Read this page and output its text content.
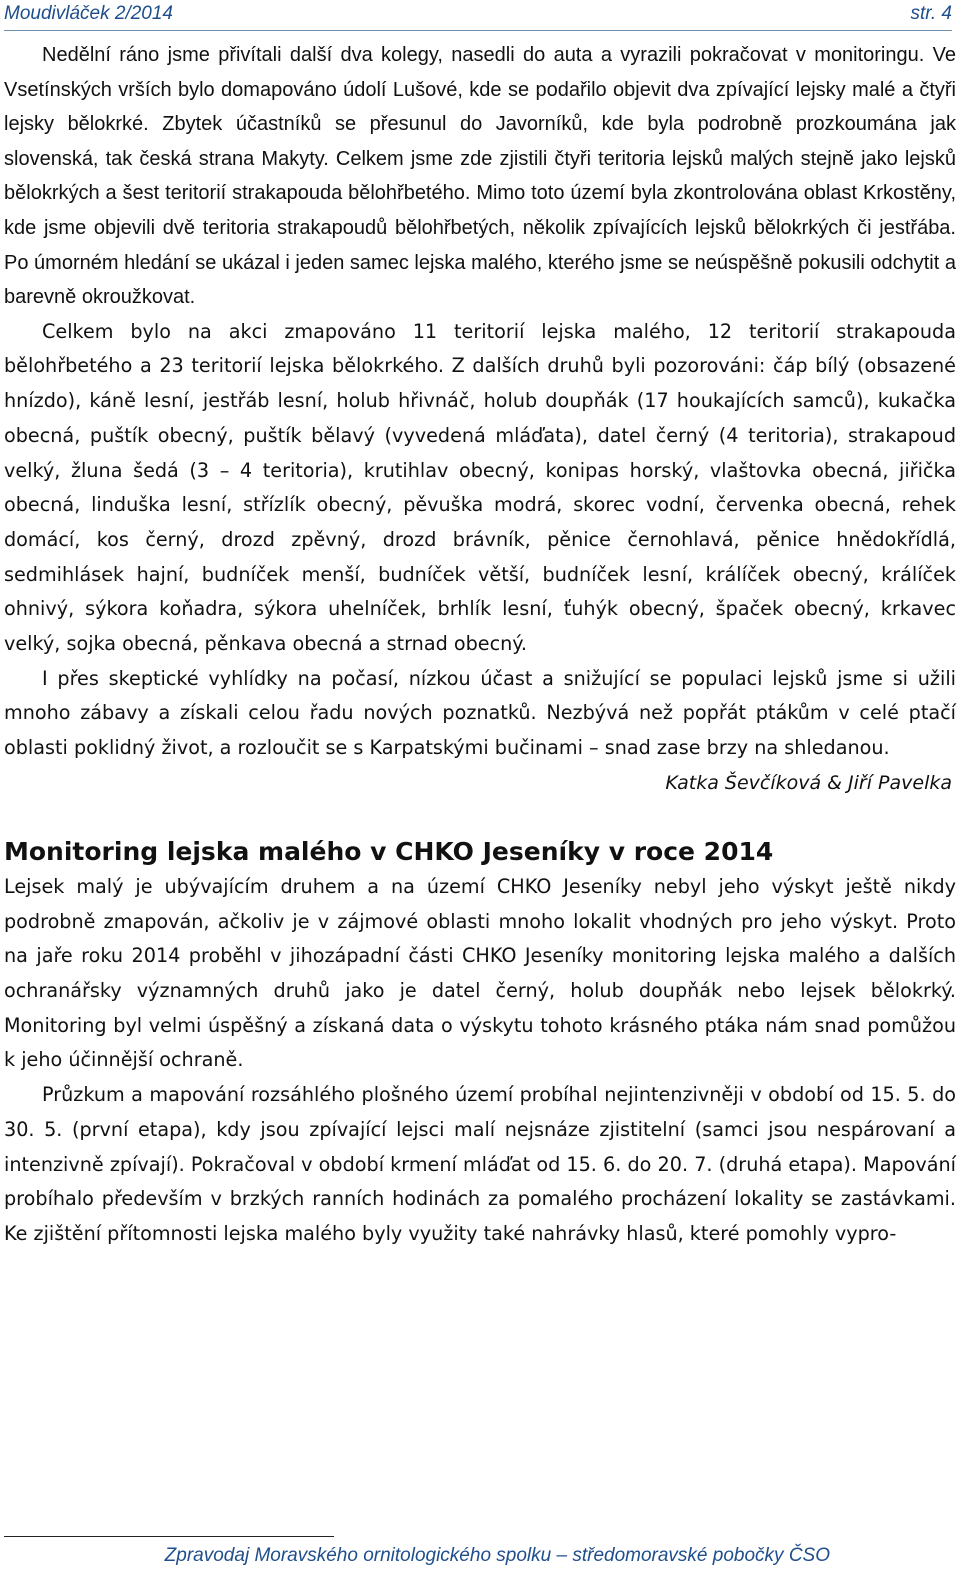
Moudivláček 2/2014	str. 4

Nedělní ráno jsme přivítali další dva kolegy, nasedli do auta a vyrazili pokračovat v monitoringu. Ve Vsetínských vrších bylo domapováno údolí Lušové, kde se podařilo objevit dva zpívající lejsky malé a čtyři lejsky bělokrké. Zbytek účastníků se přesunul do Javorníků, kde byla podrobně prozkoumána jak slovenská, tak česká strana Makyty. Celkem jsme zde zjistili čtyři teritoria lejsků malých stejně jako lejsků bělokrkých a šest teritorií strakapouda bělohřbetého. Mimo toto území byla zkontrolována oblast Krkostěny, kde jsme objevili dvě teritoria strakapoudů bělohřbetých, několik zpívajících lejsků bělokrkých či jestřába. Po úmorném hledání se ukázal i jeden samec lejska malého, kterého jsme se neúspěšně pokusili odchytit a barevně okroužkovat.

Celkem bylo na akci zmapováno 11 teritorií lejska malého, 12 teritorií strakapouda bělohřbetého a 23 teritorií lejska bělokrkého. Z dalších druhů byli pozorováni: čáp bílý (obsazené hnízdo), káně lesní, jestřáb lesní, holub hřivnáč, holub doupňák (17 houkajících samců), kukačka obecná, puštík obecný, puštík bělavý (vyvedená mláďata), datel černý (4 teritoria), strakapoud velký, žluna šedá (3 – 4 teritoria), krutihlav obecný, konipas horský, vlaštovka obecná, jiřička obecná, linduška lesní, střízlík obecný, pěvuška modrá, skorec vodní, červenka obecná, rehek domácí, kos černý, drozd zpěvný, drozd brávník, pěnice černohlavá, pěnice hnědokřídlá, sedmihlásek hajní, budníček menší, budníček větší, budníček lesní, králíček obecný, králíček ohnivý, sýkora koňadra, sýkora uhelníček, brhlík lesní, ťuhýk obecný, špaček obecný, krkavec velký, sojka obecná, pěnkava obecná a strnad obecný.

I přes skeptické vyhlídky na počasí, nízkou účast a snižující se populaci lejsků jsme si užili mnoho zábavy a získali celou řadu nových poznatků. Nezbývá než popřát ptákům v celé ptačí oblasti poklidný život, a rozloučit se s Karpatskými bučinami – snad zase brzy na shledanou.

Katka Ševčíková & Jiří Pavelka

Monitoring lejska malého v CHKO Jeseníky v roce 2014

Lejsek malý je ubývajícím druhem a na území CHKO Jeseníky nebyl jeho výskyt ještě nikdy podrobně zmapován, ačkoliv je v zájmové oblasti mnoho lokalit vhodných pro jeho výskyt. Proto na jaře roku 2014 proběhl v jihozápadní části CHKO Jeseníky monitoring lejska malého a dalších ochranářsky významných druhů jako je datel černý, holub doupňák nebo lejsek bělokrký. Monitoring byl velmi úspěšný a získaná data o výskytu tohoto krásného ptáka nám snad pomůžou k jeho účinnější ochraně.

Průzkum a mapování rozsáhlého plošného území probíhal nejintenzivněji v období od 15. 5. do 30. 5. (první etapa), kdy jsou zpívající lejsci malí nejsnáze zjistitelní (samci jsou nespárovaní a intenzivně zpívají). Pokračoval v období krmení mláďat od 15. 6. do 20. 7. (druhá etapa). Mapování probíhalo především v brzkých ranních hodinách za pomalého procházení lokality se zastávkami. Ke zjištění přítomnosti lejska malého byly využity také nahrávky hlasů, které pomohly vypro-

Zpravodaj Moravského ornitologického spolku – středomoravské pobočky ČSO
